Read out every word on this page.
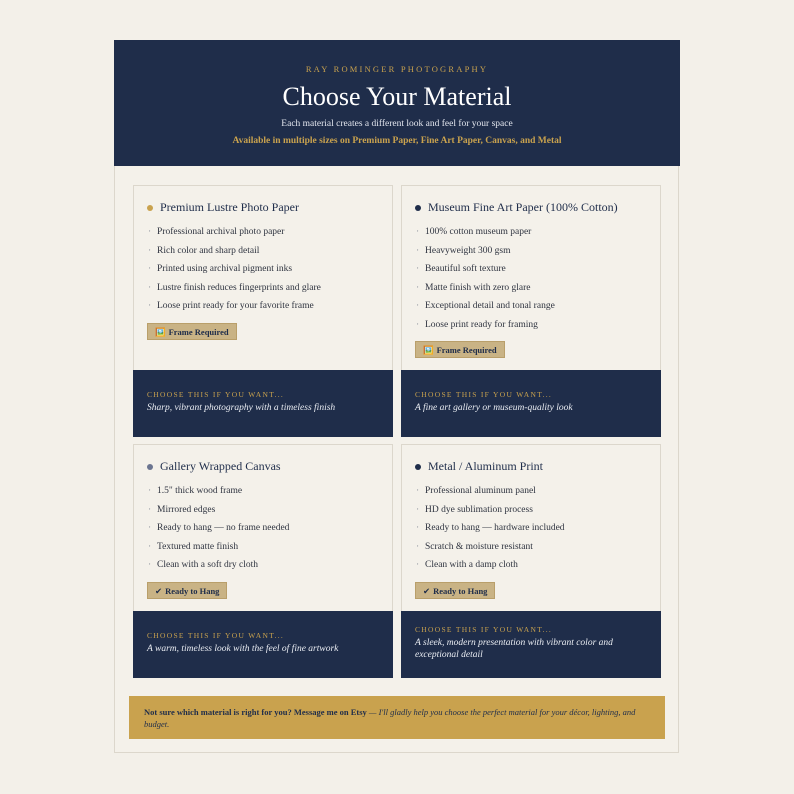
RAY ROMINGER PHOTOGRAPHY
Choose Your Material
Each material creates a different look and feel for your space
Available in multiple sizes on Premium Paper, Fine Art Paper, Canvas, and Metal
Premium Lustre Photo Paper
· Professional archival photo paper
· Rich color and sharp detail
· Printed using archival pigment inks
· Lustre finish reduces fingerprints and glare
· Loose print ready for your favorite frame
🖼️ Frame Required
CHOOSE THIS IF YOU WANT...
Sharp, vibrant photography with a timeless finish
Museum Fine Art Paper (100% Cotton)
· 100% cotton museum paper
· Heavyweight 300 gsm
· Beautiful soft texture
· Matte finish with zero glare
· Exceptional detail and tonal range
· Loose print ready for framing
🖼️ Frame Required
CHOOSE THIS IF YOU WANT...
A fine art gallery or museum-quality look
Gallery Wrapped Canvas
· 1.5" thick wood frame
· Mirrored edges
· Ready to hang — no frame needed
· Textured matte finish
· Clean with a soft dry cloth
✔ Ready to Hang
CHOOSE THIS IF YOU WANT...
A warm, timeless look with the feel of fine artwork
Metal / Aluminum Print
· Professional aluminum panel
· HD dye sublimation process
· Ready to hang — hardware included
· Scratch & moisture resistant
· Clean with a damp cloth
✔ Ready to Hang
CHOOSE THIS IF YOU WANT...
A sleek, modern presentation with vibrant color and exceptional detail
Not sure which material is right for you? Message me on Etsy — I'll gladly help you choose the perfect material for your décor, lighting, and budget.
